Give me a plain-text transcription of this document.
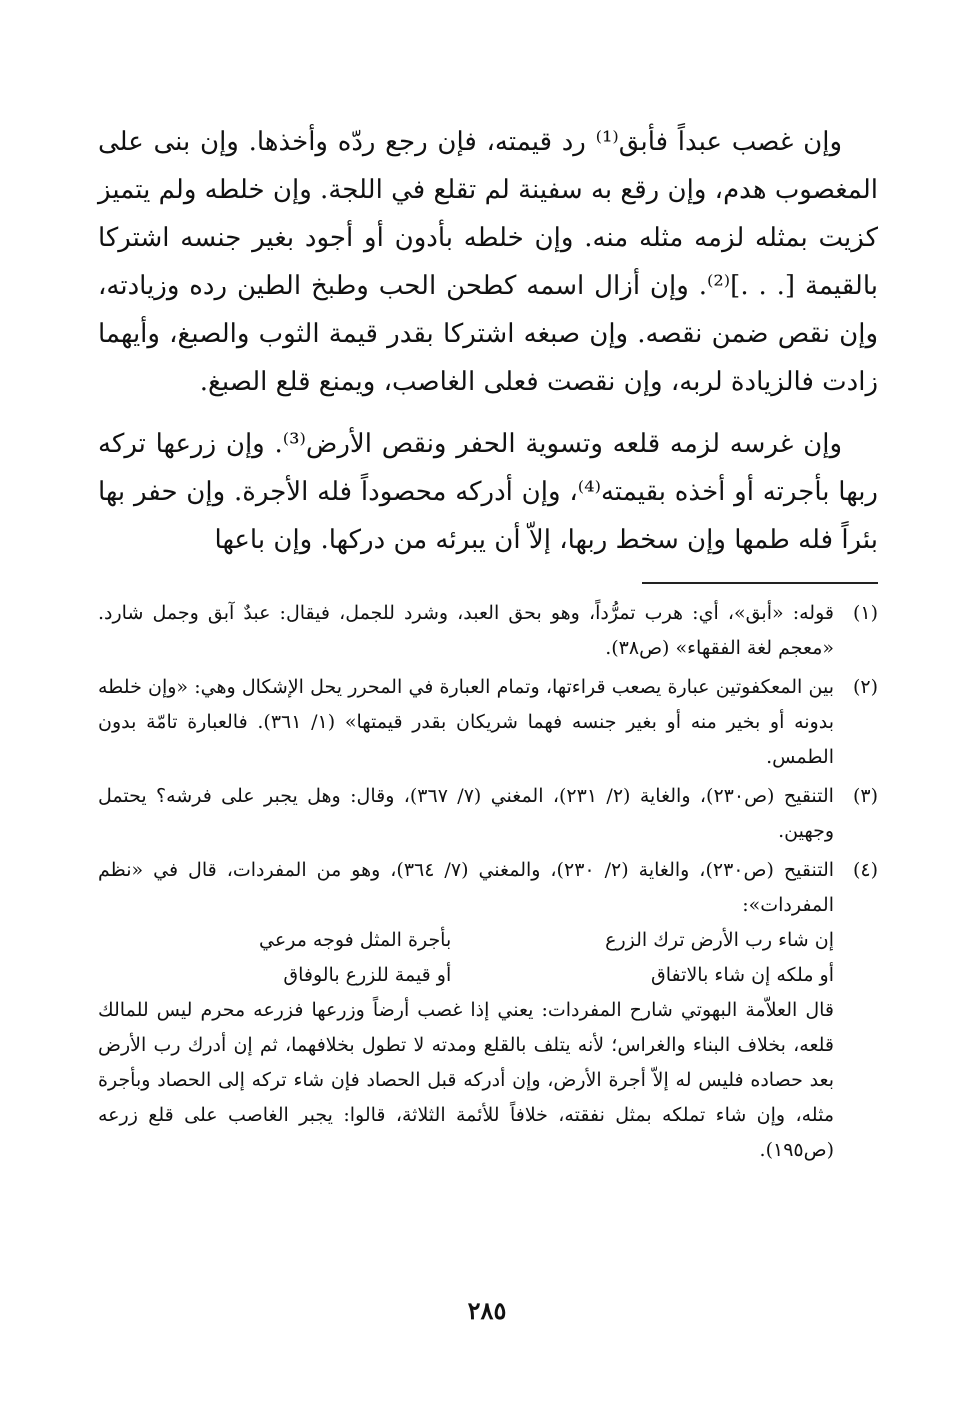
وإن غصب عبداً فأبق⁽¹⁾ رد قيمته، فإن رجع ردّه وأخذها. وإن بنى على المغصوب هدم، وإن رقع به سفينة لم تقلع في اللجة. وإن خلطه ولم يتميز كزيت بمثله لزمه مثله منه. وإن خلطه بأدون أو أجود بغير جنسه اشتركا بالقيمة [. . .]⁽²⁾. وإن أزال اسمه كطحن الحب وطبخ الطين رده وزيادته، وإن نقص ضمن نقصه. وإن صبغه اشتركا بقدر قيمة الثوب والصبغ، وأيهما زادت فالزيادة لربه، وإن نقصت فعلى الغاصب، ويمنع قلع الصبغ.

وإن غرسه لزمه قلعه وتسوية الحفر ونقص الأرض⁽³⁾. وإن زرعها تركه ربها بأجرته أو أخذه بقيمته⁽⁴⁾، وإن أدركه محصوداً فله الأجرة. وإن حفر بها بئراً فله طمها وإن سخط ربها، إلاّ أن يبرئه من دركها. وإن باعها

(١)
قوله: «أبق»، أي: هرب تمرُّداً، وهو بحق العبد، وشرد للجمل، فيقال: عبدٌ آبق وجمل شارد. «معجم لغة الفقهاء» (ص٣٨).
(٢)
بين المعكفوتين عبارة يصعب قراءتها، وتمام العبارة في المحرر يحل الإشكال وهي: «وإن خلطه بدونه أو بخير منه أو بغير جنسه فهما شريكان بقدر قيمتها» (١/ ٣٦١). فالعبارة تامّة بدون الطمس.
(٣)
التنقيح (ص٢٣٠)، والغاية (٢/ ٢٣١)، المغني (٧/ ٣٦٧)، وقال: وهل يجبر على فرشه؟ يحتمل وجهين.
(٤)
التنقيح (ص٢٣٠)، والغاية (٢/ ٢٣٠)، والمغني (٧/ ٣٦٤)، وهو من المفردات، قال في «نظم المفردات»:
إن شاء رب الأرض ترك الزرع
بأجرة المثل فوجه مرعي
أو ملكه إن شاء بالاتفاق
أو قيمة للزرع بالوفاق
قال العلاّمة البهوتي شارح المفردات: يعني إذا غصب أرضاً وزرعها فزرعه محرم ليس للمالك قلعه، بخلاف البناء والغراس؛ لأنه يتلف بالقلع ومدته لا تطول بخلافهما، ثم إن أدرك رب الأرض بعد حصاده فليس له إلاّ أجرة الأرض، وإن أدركه قبل الحصاد فإن شاء تركه إلى الحصاد وبأجرة مثله، وإن شاء تملكه بمثل نفقته، خلافاً للأئمة الثلاثة، قالوا: يجبر الغاصب على قلع زرعه (ص١٩٥).
٢٨٥
